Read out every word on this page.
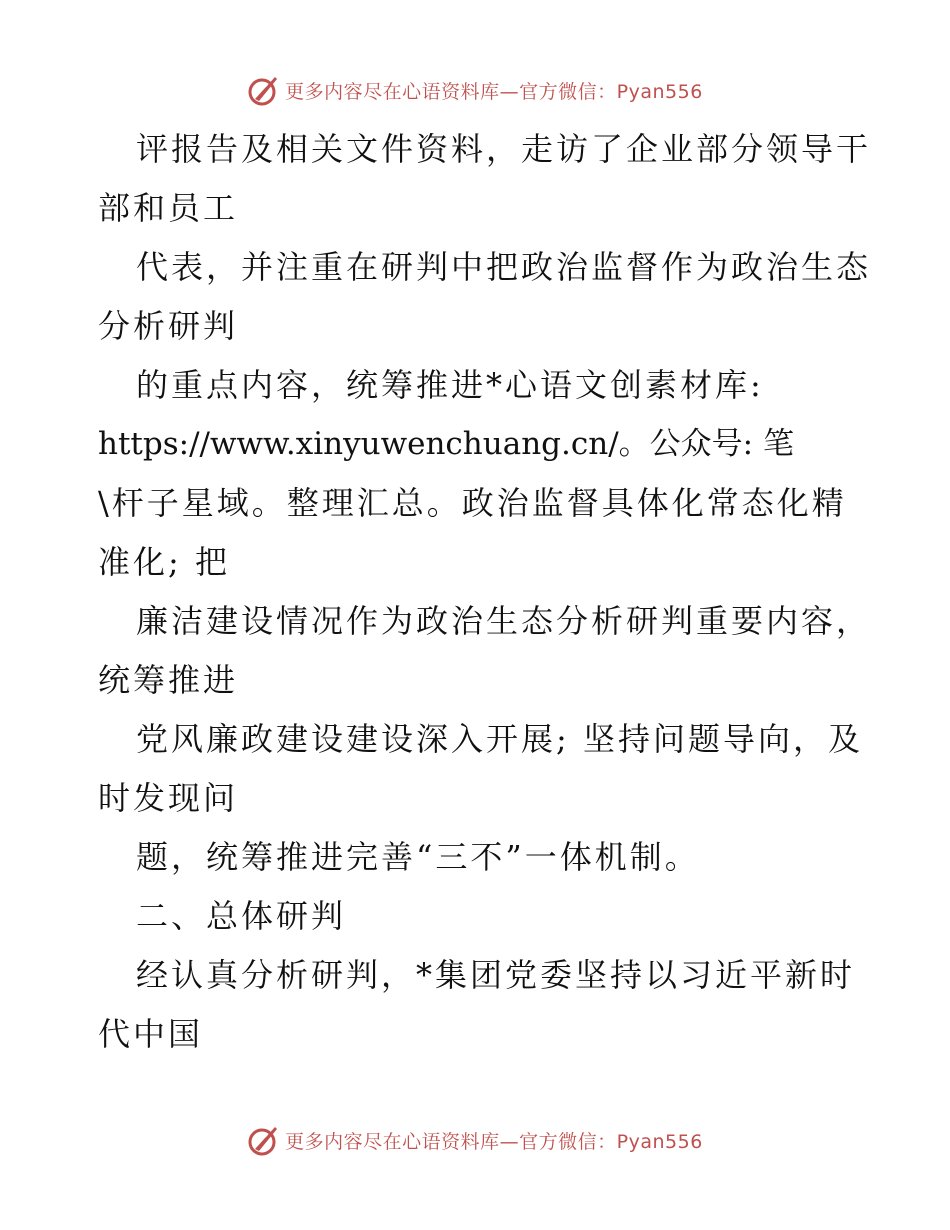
更多内容尽在心语资料库—官方微信：Pyan556
评报告及相关文件资料，走访了企业部分领导干
部和员工
代表，并注重在研判中把政治监督作为政治生态
分析研判
的重点内容，统筹推进*心语文创素材库:
https://www.xinyuwenchuang.cn/。公众号: 笔
\杆子星域。整理汇总。政治监督具体化常态化精
准化; 把
廉洁建设情况作为政治生态分析研判重要内容，
统筹推进
党风廉政建设建设深入开展; 坚持问题导向，及
时发现问
题，统筹推进完善“三不”一体机制。
二、总体研判
经认真分析研判，*集团党委坚持以习近平新时
代中国
更多内容尽在心语资料库—官方微信：Pyan556
